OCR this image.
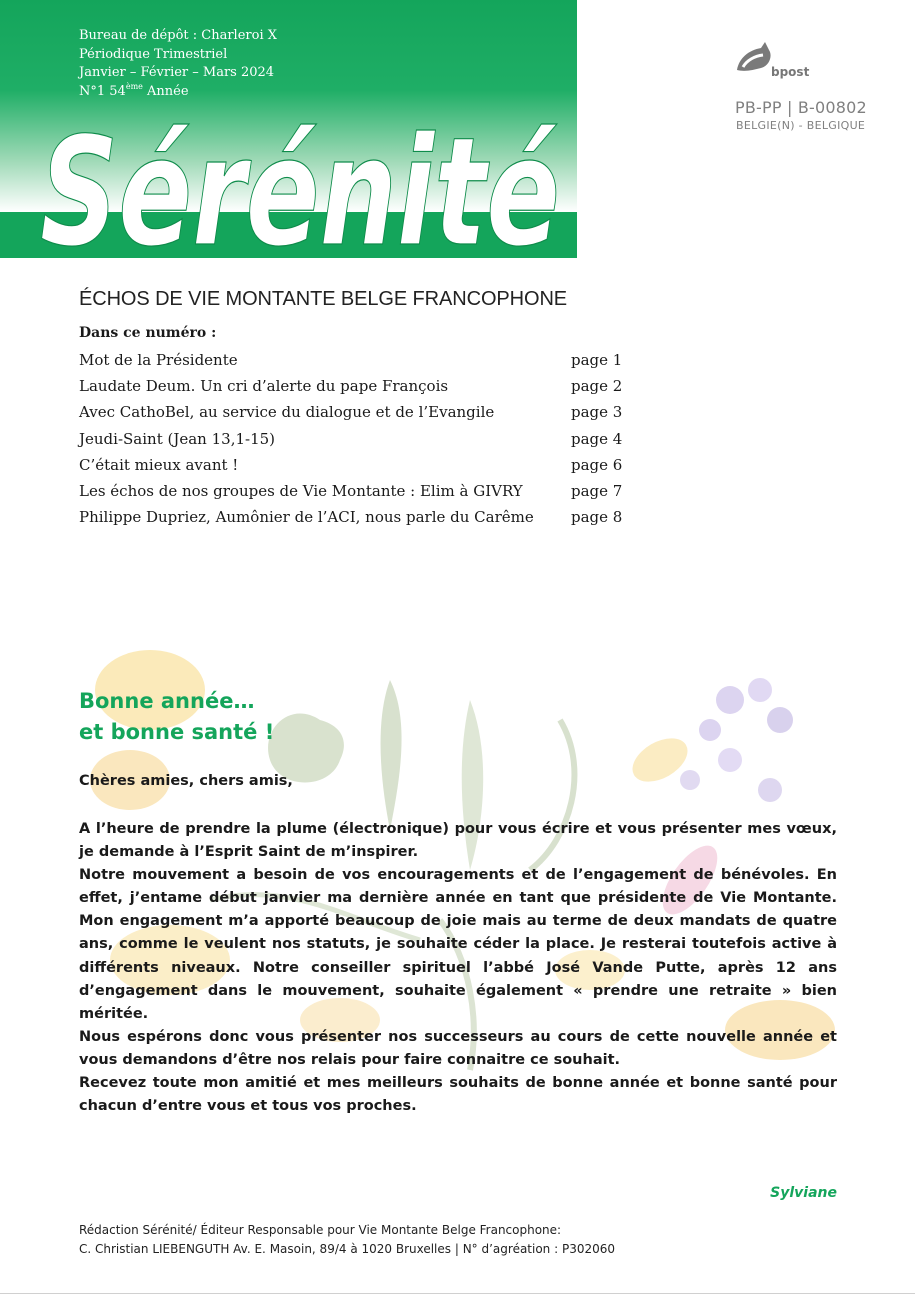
Bureau de dépôt : Charleroi X
Périodique Trimestriel
Janvier – Février – Mars 2024
N°1 54ème Année
Sérénité
bpost
PB-PP | B-00802
BELGIE(N) - BELGIQUE
ÉCHOS DE VIE MONTANTE BELGE FRANCOPHONE
Dans ce numéro :
Mot de la Présidente	page 1
Laudate Deum. Un cri d’alerte du pape François	page 2
Avec CathoBel, au service du dialogue et de l’Evangile	page 3
Jeudi-Saint (Jean 13,1-15)	page 4
C’était mieux avant !	page 6
Les échos de nos groupes de Vie Montante : Elim à GIVRY	page 7
Philippe Dupriez, Aumônier de l’ACI, nous parle du Carême page 8
Bonne année…
et bonne santé !
Chères amies, chers amis,

A l’heure de prendre la plume (électronique) pour vous écrire et vous présenter mes vœux, je demande à l’Esprit Saint de m’inspirer.

Notre mouvement a besoin de vos encouragements et de l’engagement de bénévoles. En effet, j’entame début janvier ma dernière année en tant que présidente de Vie Montante. Mon engagement m’a apporté beaucoup de joie mais au terme de deux mandats de quatre ans, comme le veulent nos statuts, je souhaite céder la place. Je resterai toutefois active à différents niveaux. Notre conseiller spirituel l’abbé José Vande Putte, après 12 ans d’engagement dans le mouvement, souhaite également « prendre une retraite » bien méritée.

Nous espérons donc vous présenter nos successeurs au cours de cette nouvelle année et vous demandons d’être nos relais pour faire connaitre ce souhait.

Recevez toute mon amitié et mes meilleurs souhaits de bonne année et bonne santé pour chacun d’entre vous et tous vos proches.

Sylviane
Rédaction Sérénité/ Éditeur Responsable pour Vie Montante Belge Francophone:
C. Christian LIEBENGUTH Av. E. Masoin, 89/4 à 1020 Bruxelles | N° d’agréation : P302060
